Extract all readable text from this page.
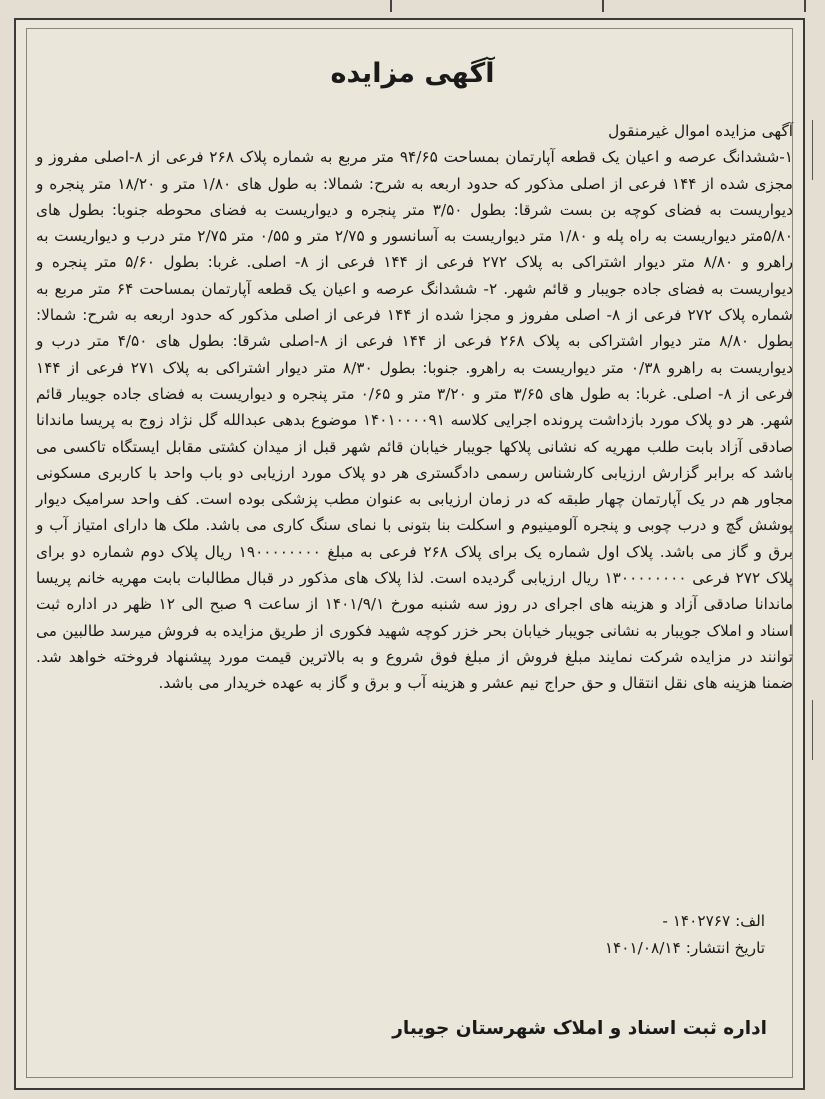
آگهی مزایده

آگهی مزایده اموال غیرمنقول

۱-ششدانگ عرصه و اعیان یک قطعه آپارتمان بمساحت ۹۴/۶۵ متر مربع به شماره پلاک ۲۶۸ فرعی از ۸-اصلی مفروز و مجزی شده از ۱۴۴ فرعی از اصلی مذکور که حدود اربعه به شرح: شمالا: به طول های ۱/۸۰ متر و ۱۸/۲۰ متر پنجره و دیواریست به فضای کوچه بن بست شرقا: بطول ۳/۵۰ متر پنجره و دیواریست به فضای محوطه جنوبا: بطول های ۵/۸۰متر دیواریست به راه پله و ۱/۸۰ متر دیواریست به آسانسور و ۲/۷۵ متر و ۰/۵۵ متر ۲/۷۵ متر درب و دیواریست به راهرو و ۸/۸۰ متر دیوار اشتراکی به پلاک ۲۷۲ فرعی از ۱۴۴ فرعی از ۸- اصلی. غربا: بطول ۵/۶۰ متر پنجره و دیواریست به فضای جاده جویبار و قائم شهر. ۲- ششدانگ عرصه و اعیان یک قطعه آپارتمان بمساحت ۶۴ متر مربع به شماره پلاک ۲۷۲ فرعی از ۸- اصلی مفروز و مجزا شده از ۱۴۴ فرعی از اصلی مذکور که حدود اربعه به شرح: شمالا: بطول ۸/۸۰ متر دیوار اشتراکی به پلاک ۲۶۸ فرعی از ۱۴۴ فرعی از ۸-اصلی شرقا: بطول های ۴/۵۰ متر درب و دیواریست به راهرو ۰/۳۸ متر دیواریست به راهرو. جنوبا: بطول ۸/۳۰ متر دیوار اشتراکی به پلاک ۲۷۱ فرعی از ۱۴۴ فرعی از ۸- اصلی. غربا: به طول های ۳/۶۵ متر و ۳/۲۰ متر و ۰/۶۵ متر پنجره و دیواریست به فضای جاده جویبار قائم شهر. هر دو پلاک مورد بازداشت پرونده اجرایی کلاسه ۱۴۰۱۰۰۰۰۹۱ موضوع بدهی عبدالله گل نژاد زوج به پریسا ماندانا صادقی آزاد بابت طلب مهریه که نشانی پلاکها جویبار خیابان قائم شهر قبل از میدان کشتی مقابل ایستگاه تاکسی می باشد که برابر گزارش ارزیابی کارشناس رسمی دادگستری هر دو پلاک مورد ارزیابی دو باب واحد با کاربری مسکونی مجاور هم در یک آپارتمان چهار طبقه که در زمان ارزیابی به عنوان مطب پزشکی بوده است. کف واحد سرامیک دیوار پوشش گچ و درب چوبی و پنجره آلومینیوم و اسکلت بنا بتونی با نمای سنگ کاری می باشد. ملک ها دارای امتیاز آب و برق و گاز می باشد. پلاک اول شماره یک برای پلاک ۲۶۸ فرعی به مبلغ ۱۹۰۰۰۰۰۰۰۰ ریال پلاک دوم شماره دو برای پلاک ۲۷۲ فرعی ۱۳۰۰۰۰۰۰۰۰ ریال ارزیابی گردیده است. لذا پلاک های مذکور در قبال مطالبات بابت مهریه خانم پریسا ماندانا صادقی آزاد و هزینه های اجرای در روز سه شنبه مورخ ۱۴۰۱/۹/۱ از ساعت ۹ صبح الی ۱۲ ظهر در اداره ثبت اسناد و املاک جویبار به نشانی جویبار خیابان بحر خزر کوچه شهید فکوری از طریق مزایده به فروش میرسد طالبین می توانند در مزایده شرکت نمایند مبلغ فروش از مبلغ فوق شروع و به بالاترین قیمت مورد پیشنهاد فروخته خواهد شد. ضمنا هزینه های نقل انتقال و حق حراج نیم عشر و هزینه آب و برق و گاز به عهده خریدار می باشد.

الف: ۱۴۰۲۷۶۷ -
تاریخ انتشار: ۱۴۰۱/۰۸/۱۴
اداره ثبت اسناد و املاک شهرستان جویبار
